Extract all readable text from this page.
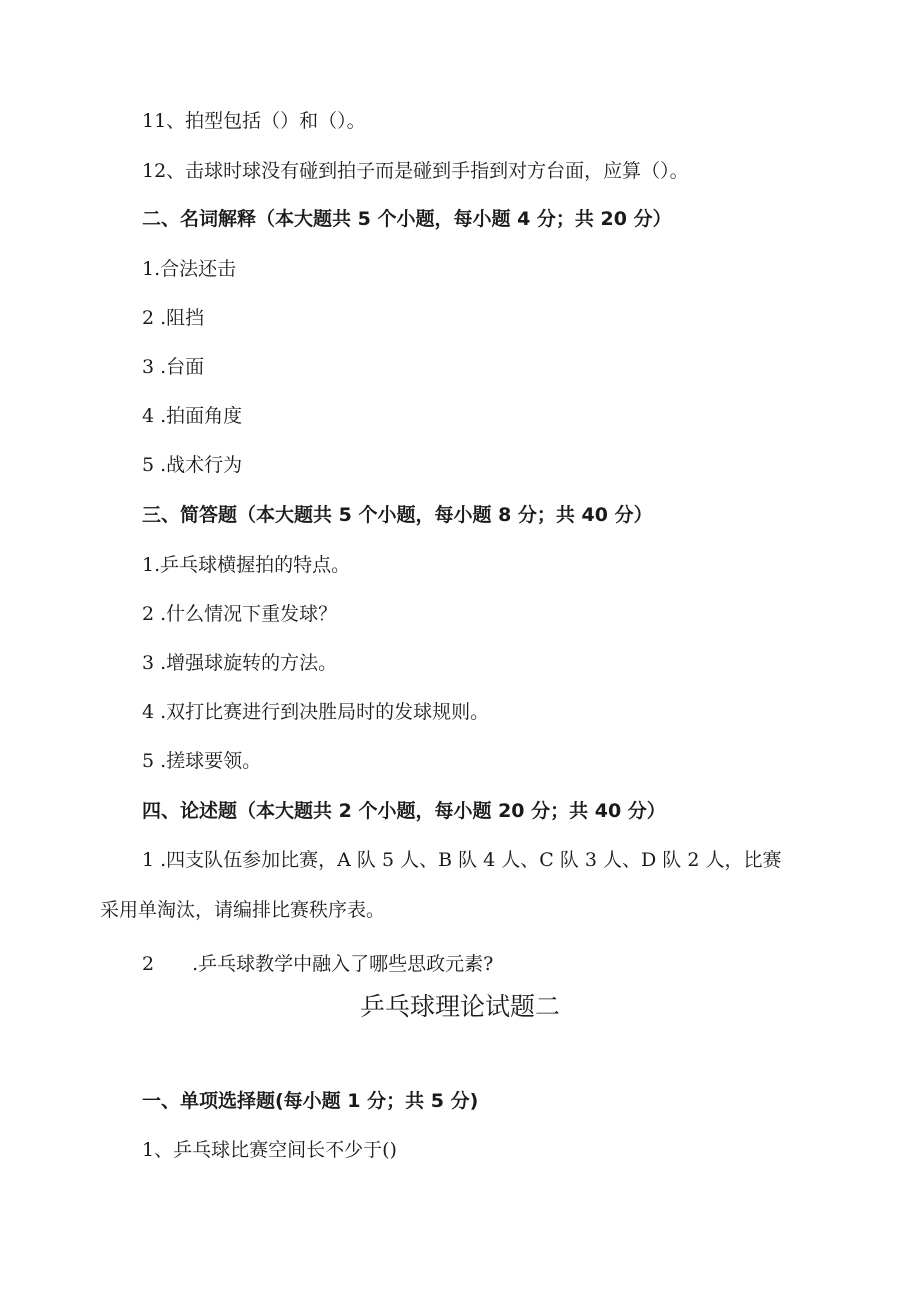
11、拍型包括（）和（）。
12、击球时球没有碰到拍子而是碰到手指到对方台面，应算（）。
二、名词解释（本大题共 5 个小题，每小题 4 分；共 20 分）
1.合法还击
2 .阻挡
3 .台面
4 .拍面角度
5 .战术行为
三、简答题（本大题共 5 个小题，每小题 8 分；共 40 分）
1.乒乓球横握拍的特点。
2 .什么情况下重发球？
3 .增强球旋转的方法。
4 .双打比赛进行到决胜局时的发球规则。
5 .搓球要领。
四、论述题（本大题共 2 个小题，每小题 20 分；共 40 分）
1 .四支队伍参加比赛，A 队 5 人、B 队 4 人、C 队 3 人、D 队 2 人，比赛
采用单淘汰，请编排比赛秩序表。
2　　.乒乓球教学中融入了哪些思政元素?
乒乓球理论试题二
一、单项选择题(每小题 1 分；共 5 分)
1、乒乓球比赛空间长不少于()
